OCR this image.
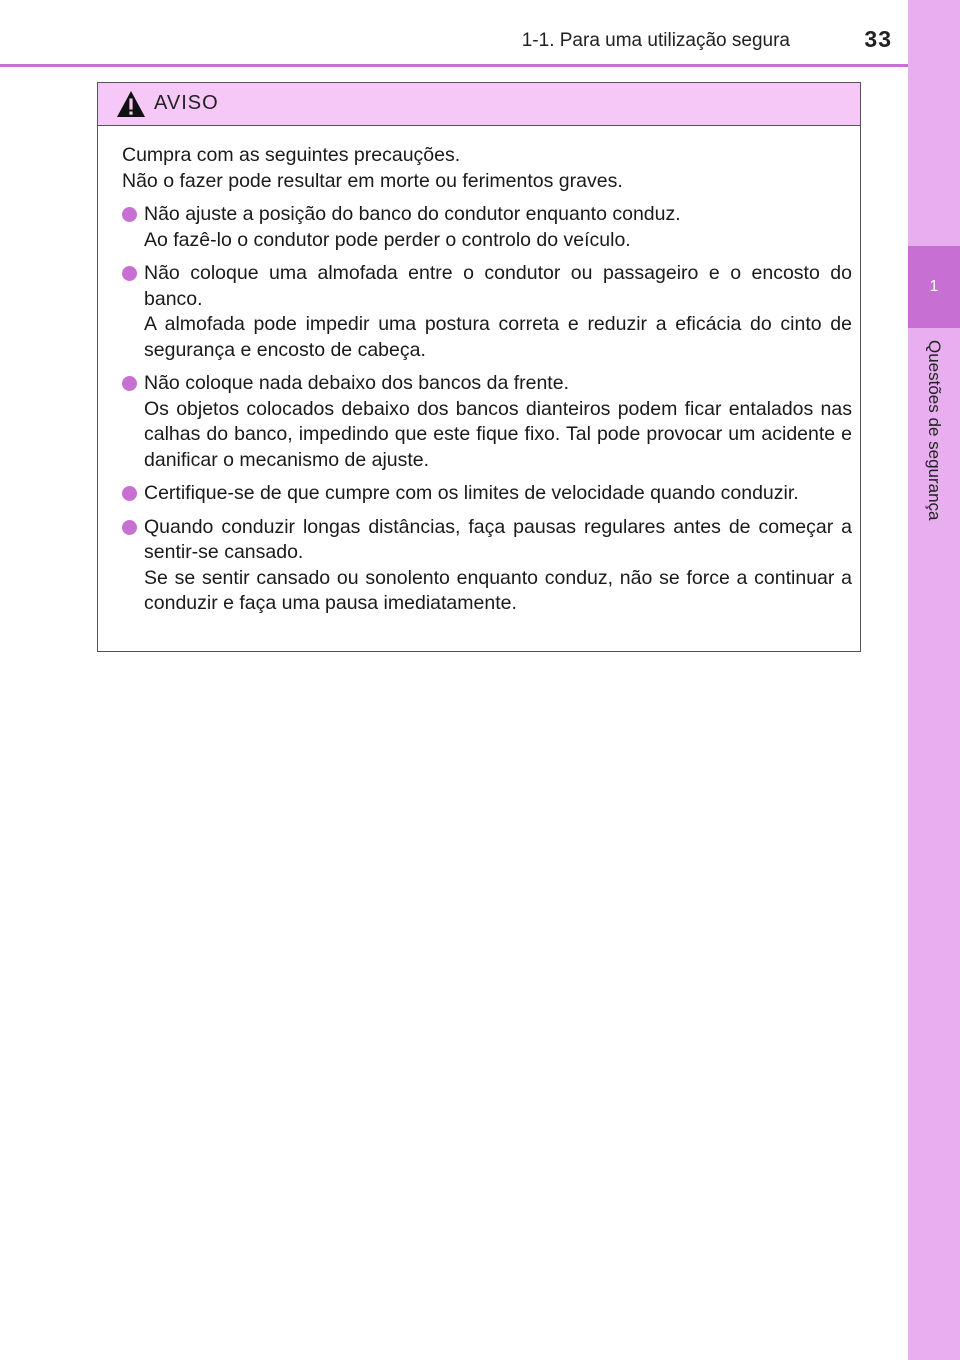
1
Questões de segurança
1-1. Para uma utilização segura	33
AVISO
Cumpra com as seguintes precauções.
Não o fazer pode resultar em morte ou ferimentos graves.
Não ajuste a posição do banco do condutor enquanto conduz.
Ao fazê-lo o condutor pode perder o controlo do veículo.
Não coloque uma almofada entre o condutor ou passageiro e o encosto do banco.
A almofada pode impedir uma postura correta e reduzir a eficácia do cinto de segurança e encosto de cabeça.
Não coloque nada debaixo dos bancos da frente.
Os objetos colocados debaixo dos bancos dianteiros podem ficar entalados nas calhas do banco, impedindo que este fique fixo. Tal pode provocar um acidente e danificar o mecanismo de ajuste.
Certifique-se de que cumpre com os limites de velocidade quando conduzir.
Quando conduzir longas distâncias, faça pausas regulares antes de começar a sentir-se cansado.
Se se sentir cansado ou sonolento enquanto conduz, não se force a continuar a conduzir e faça uma pausa imediatamente.
